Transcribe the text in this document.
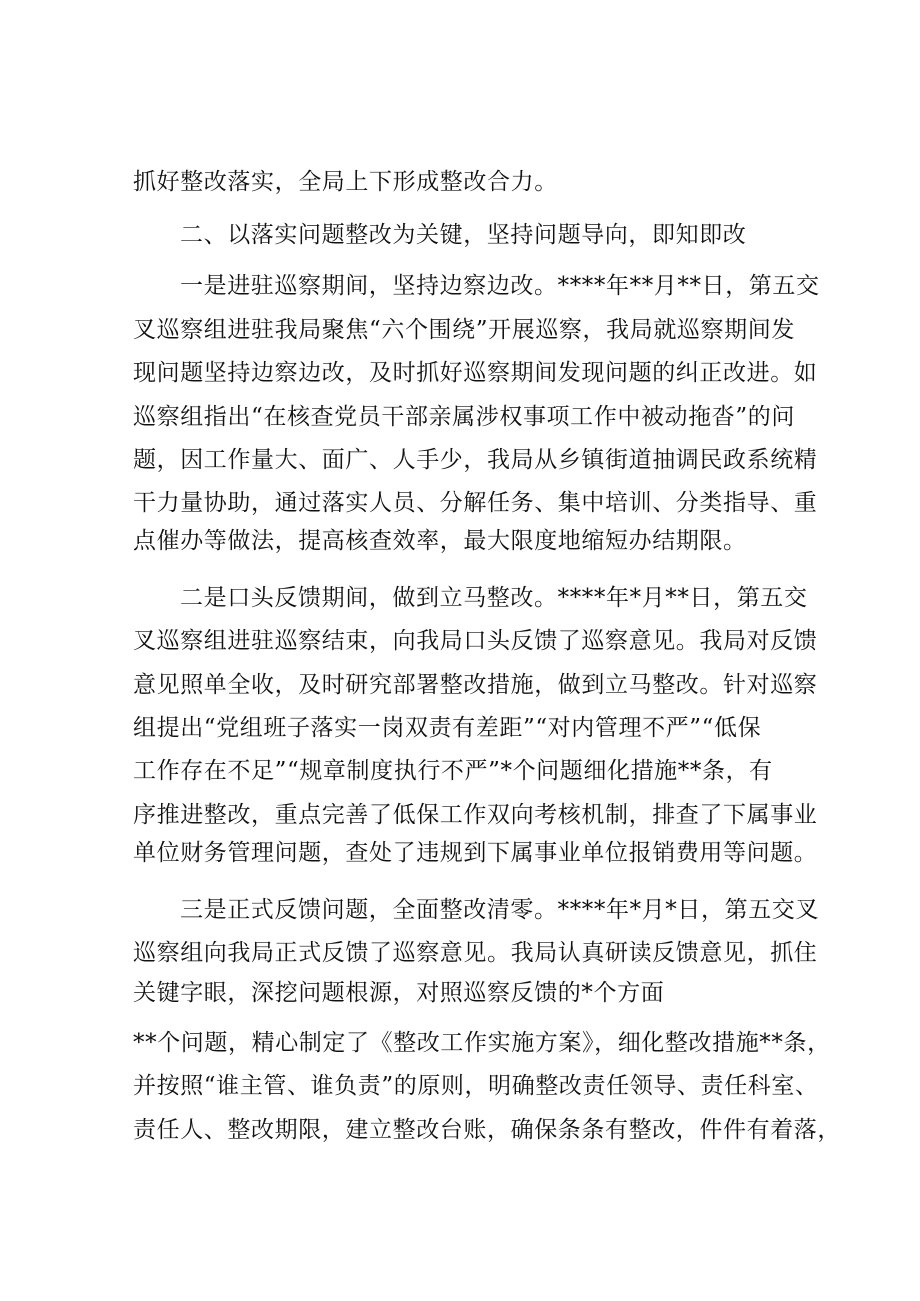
抓好整改落实，全局上下形成整改合力。
二、以落实问题整改为关键，坚持问题导向，即知即改
一是进驻巡察期间，坚持边察边改。****年**月**日，第五交
叉巡察组进驻我局聚焦“六个围绕”开展巡察，我局就巡察期间发
现问题坚持边察边改，及时抓好巡察期间发现问题的纠正改进。如
巡察组指出“在核查党员干部亲属涉权事项工作中被动拖沓”的问
题，因工作量大、面广、人手少，我局从乡镇街道抽调民政系统精
干力量协助，通过落实人员、分解任务、集中培训、分类指导、重
点催办等做法，提高核查效率，最大限度地缩短办结期限。
二是口头反馈期间，做到立马整改。****年*月**日，第五交
叉巡察组进驻巡察结束，向我局口头反馈了巡察意见。我局对反馈
意见照单全收，及时研究部署整改措施，做到立马整改。针对巡察
组提出“党组班子落实一岗双责有差距”“对内管理不严”“低保
工作存在不足”“规章制度执行不严”*个问题细化措施**条，有
序推进整改，重点完善了低保工作双向考核机制，排查了下属事业
单位财务管理问题，查处了违规到下属事业单位报销费用等问题。
三是正式反馈问题，全面整改清零。****年*月*日，第五交叉
巡察组向我局正式反馈了巡察意见。我局认真研读反馈意见，抓住
关键字眼，深挖问题根源，对照巡察反馈的*个方面
**个问题，精心制定了《整改工作实施方案》，细化整改措施**条，
并按照“谁主管、谁负责”的原则，明确整改责任领导、责任科室、
责任人、整改期限，建立整改台账，确保条条有整改，件件有着落，
